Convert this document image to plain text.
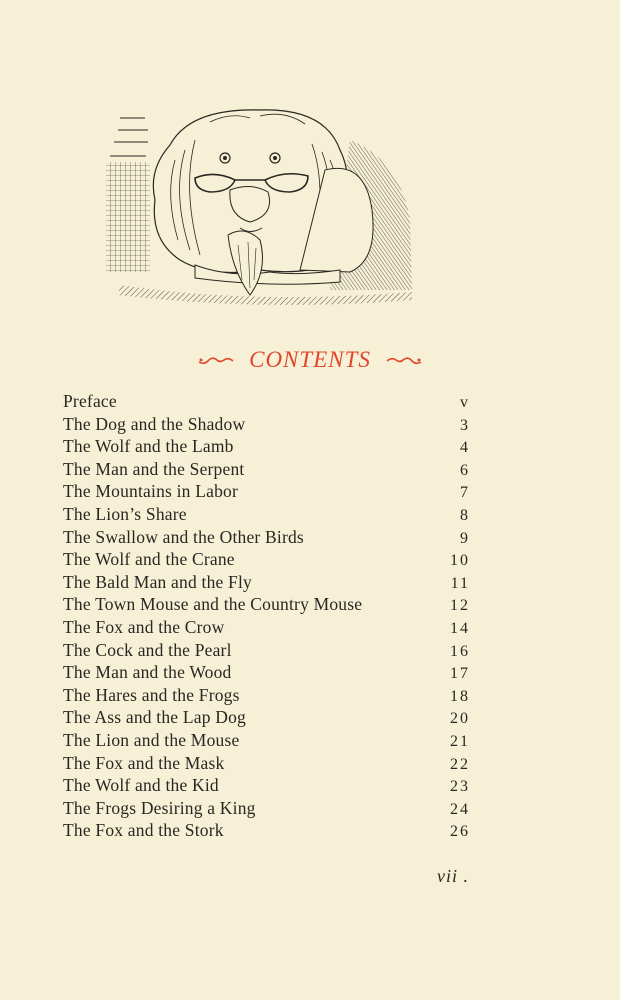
CONTENTS
Preface	v
The Dog and the Shadow	3
The Wolf and the Lamb	4
The Man and the Serpent	6
The Mountains in Labor	7
The Lion’s Share	8
The Swallow and the Other Birds	9
The Wolf and the Crane	10
The Bald Man and the Fly	11
The Town Mouse and the Country Mouse	12
The Fox and the Crow	14
The Cock and the Pearl	16
The Man and the Wood	17
The Hares and the Frogs	18
The Ass and the Lap Dog	20
The Lion and the Mouse	21
The Fox and the Mask	22
The Wolf and the Kid	23
The Frogs Desiring a King	24
The Fox and the Stork	26
vii .
